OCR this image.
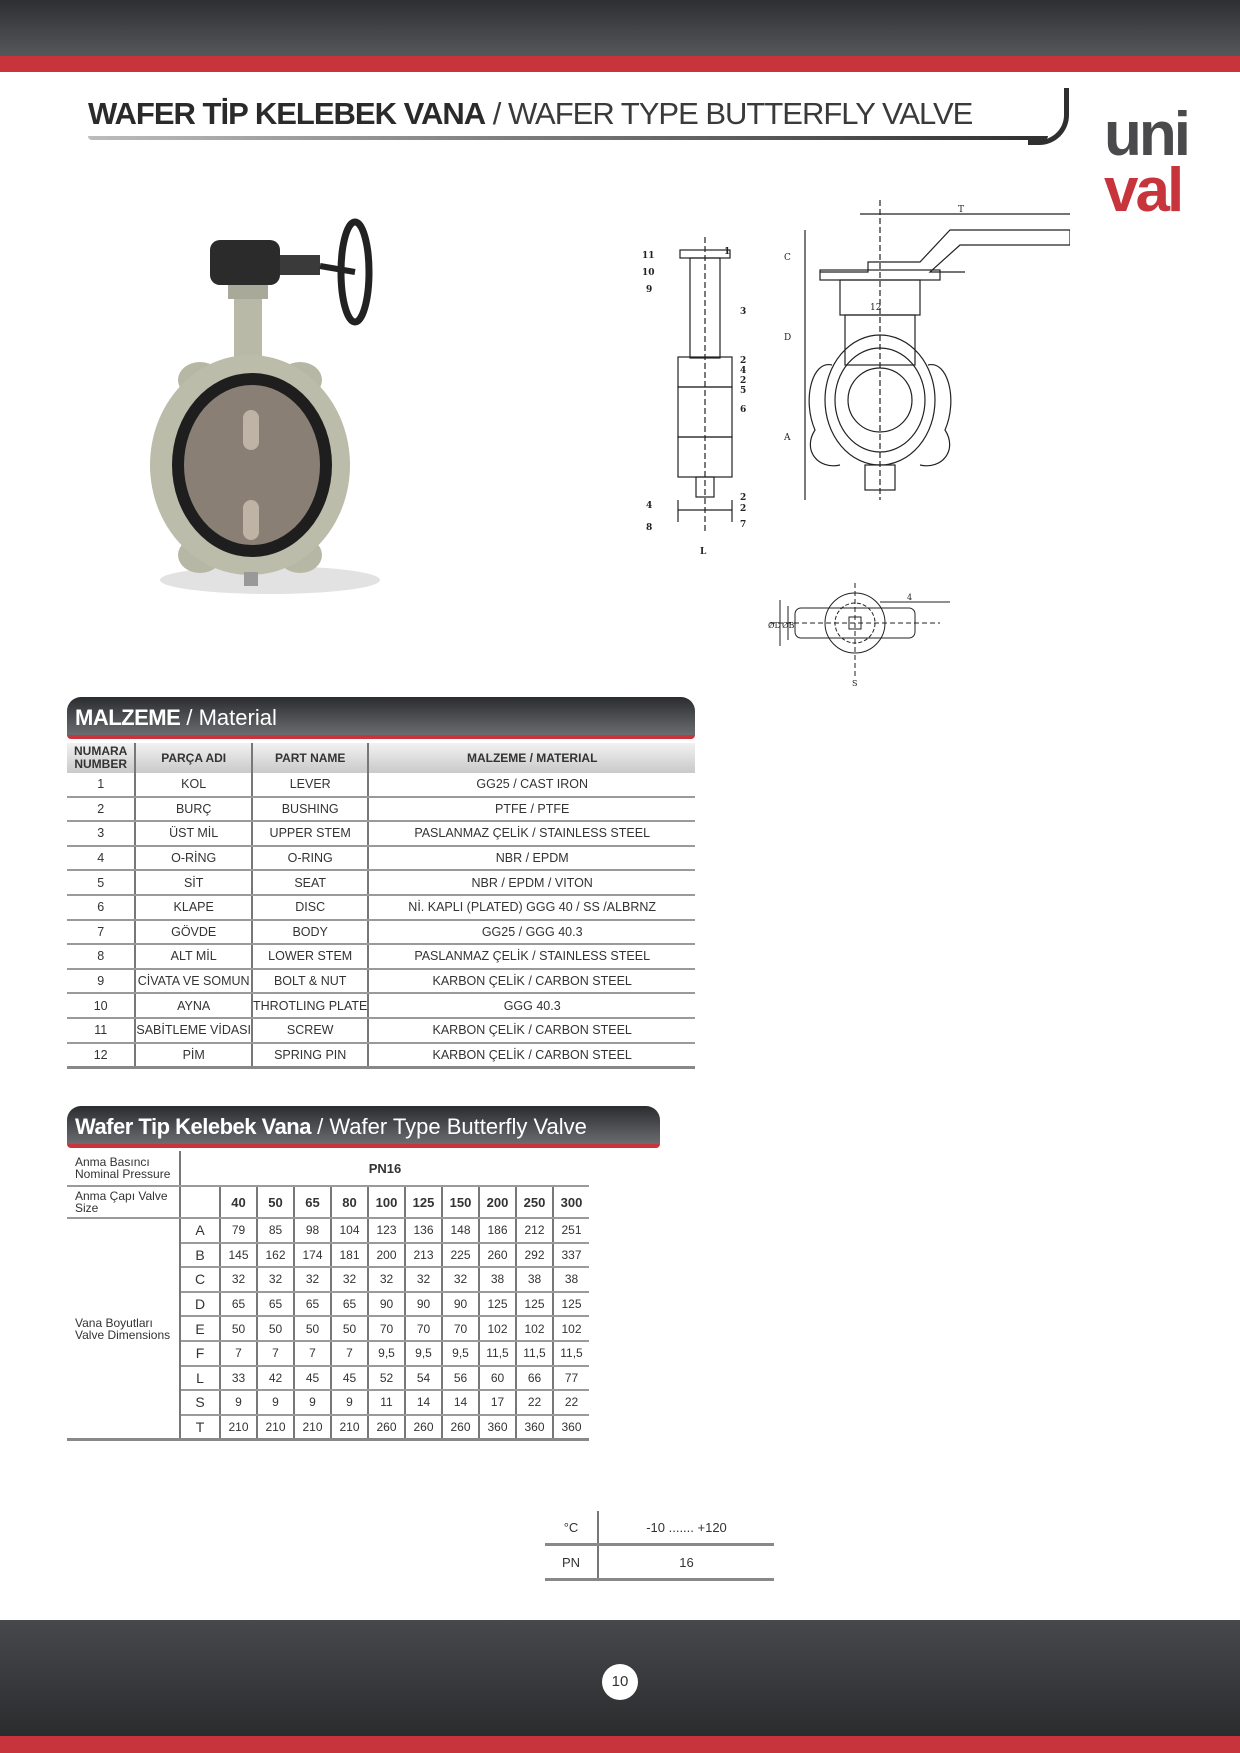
WAFER TİP KELEBEK VANA / WAFER TYPE BUTTERFLY VALVE uni
val
11
10
9
1
3
2
4
2
5
6
4
8
2
2
7
L
T
C
D
A
12
ØD ØB
4
S
MALZEME / Material
NUMARA NUMBER	PARÇA ADI	PART NAME	MALZEME / MATERIAL
1	KOL	LEVER	GG25 / CAST IRON
2	BURÇ	BUSHING	PTFE / PTFE
3	ÜST MİL	UPPER STEM	PASLANMAZ ÇELİK / STAINLESS STEEL
4	O-RİNG	O-RING	NBR / EPDM
5	SİT	SEAT	NBR / EPDM / VITON
6	KLAPE	DISC	Nİ. KAPLI (PLATED) GGG 40 / SS /ALBRNZ
7	GÖVDE	BODY	GG25 / GGG 40.3
8	ALT MİL	LOWER STEM	PASLANMAZ ÇELİK / STAINLESS STEEL
9	CİVATA VE SOMUN	BOLT & NUT	KARBON ÇELİK / CARBON STEEL
10	AYNA	THROTLING PLATE	GGG 40.3
11	SABİTLEME VİDASI	SCREW	KARBON ÇELİK / CARBON STEEL
12	PİM	SPRING PIN	KARBON ÇELİK / CARBON STEEL
Wafer Tip Kelebek Vana / Wafer Type Butterfly Valve
Anma Basıncı Nominal Pressure	PN16										
Anma Çapı Valve Size		40	50	65	80	100	125	150	200	250	300
Vana Boyutları Valve Dimensions	A	79	85	98	104	123	136	148	186	212	251
	B	145	162	174	181	200	213	225	260	292	337
	C	32	32	32	32	32	32	32	38	38	38
	D	65	65	65	65	90	90	90	125	125	125
	E	50	50	50	50	70	70	70	102	102	102
	F	7	7	7	7	9,5	9,5	9,5	11,5	11,5	11,5
	L	33	42	45	45	52	54	56	60	66	77
	S	9	9	9	9	11	14	14	17	22	22
	T	210	210	210	210	260	260	260	360	360	360
°C	-10 ....... +120
PN	16
10
